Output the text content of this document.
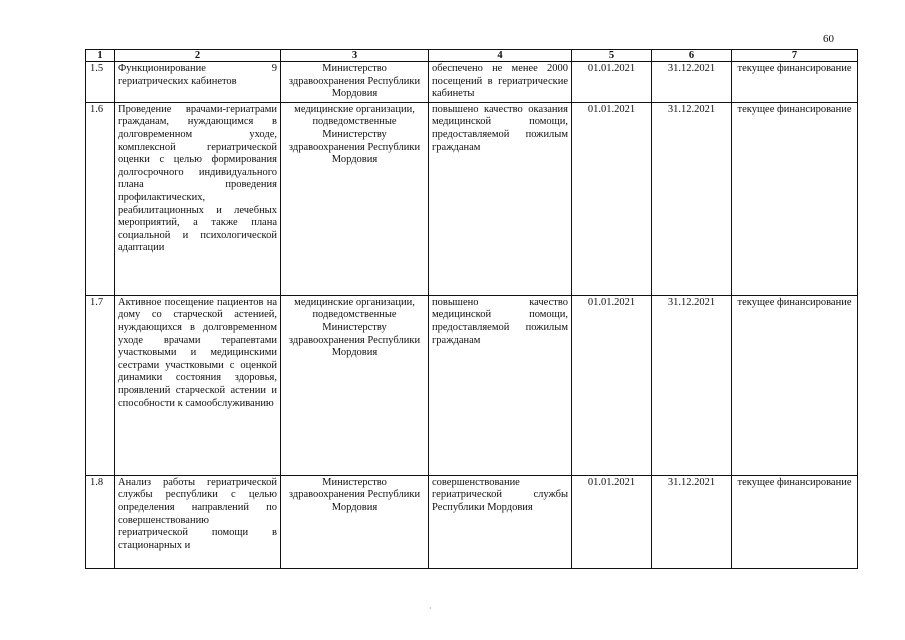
60
1	2	3	4	5	6	7
1.5	Функционирование 9 гериатрических кабинетов	Министерство здравоохранения Республики Мордовия	обеспечено не менее 2000 посещений в гериатрические кабинеты	01.01.2021	31.12.2021	текущее финансирование
1.6	Проведение врачами-гериатрами гражданам, нуждающимся в долговременном уходе, комплексной гериатрической оценки с целью формирования долгосрочного индивидуального плана проведения профилактических, реабилитационных и лечебных мероприятий, а также плана социальной и психологической адаптации	медицинские организации, подведомственные Министерству здравоохранения Республики Мордовия	повышено качество оказания медицинской помощи, предоставляемой пожилым гражданам	01.01.2021	31.12.2021	текущее финансирование
1.7	Активное посещение пациентов на дому со старческой астенией, нуждающихся в долговременном уходе врачами терапевтами участковыми и медицинскими сестрами участковыми с оценкой динамики состояния здоровья, проявлений старческой астении и способности к самообслуживанию	медицинские организации, подведомственные Министерству здравоохранения Республики Мордовия	повышено качество медицинской помощи, предоставляемой пожилым гражданам	01.01.2021	31.12.2021	текущее финансирование
1.8	Анализ работы гериатрической службы республики с целью определения направлений по совершенствованию гериатрической помощи в стационарных и	Министерство здравоохранения Республики Мордовия	совершенствование гериатрической службы Республики Мордовия	01.01.2021	31.12.2021	текущее финансирование
·
